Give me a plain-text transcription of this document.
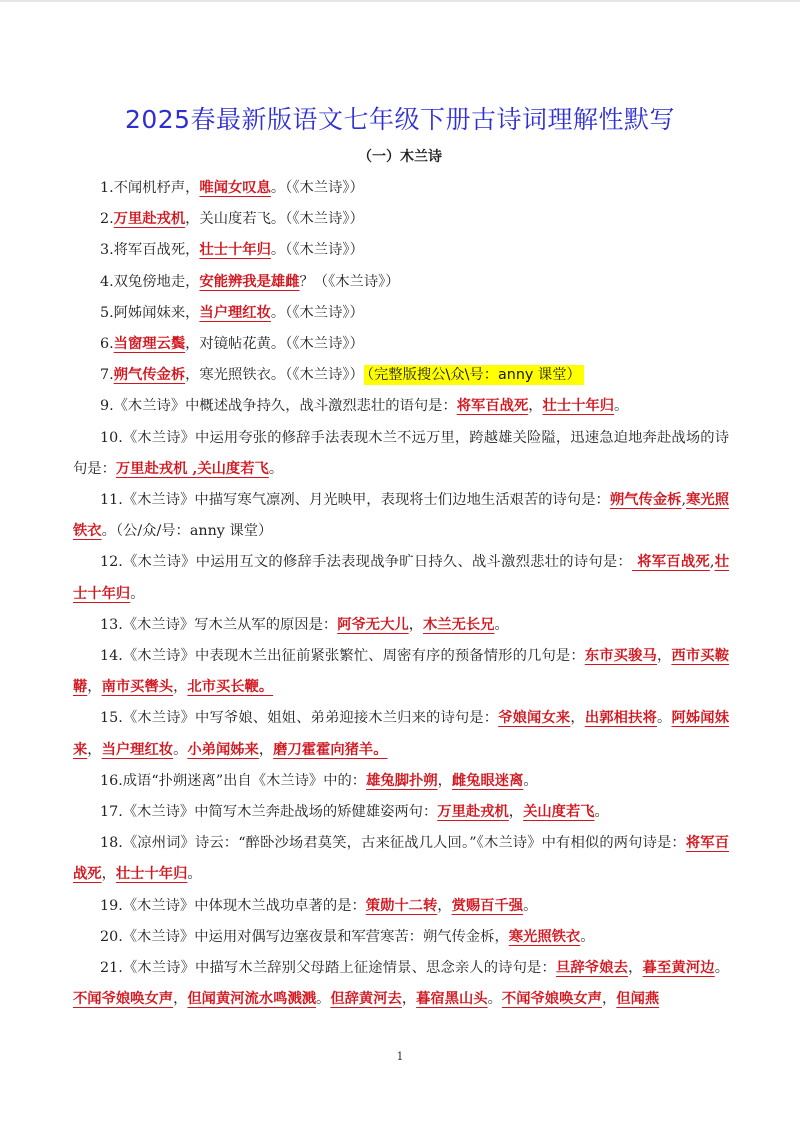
2025春最新版语文七年级下册古诗词理解性默写
（一）木兰诗

1.不闻机杼声，唯闻女叹息。（《木兰诗》）

2.万里赴戎机，关山度若飞。（《木兰诗》）

3.将军百战死，壮士十年归。（《木兰诗》）

4.双兔傍地走，安能辨我是雄雌？（《木兰诗》）

5.阿姊闻妹来，当户理红妆。（《木兰诗》）

6.当窗理云鬓，对镜帖花黄。（《木兰诗》）

7.朔气传金柝，寒光照铁衣。（《木兰诗》） （完整版搜公\众\号：anny 课堂）

9.《木兰诗》中概述战争持久，战斗激烈悲壮的语句是：将军百战死，壮士十年归。

10.《木兰诗》中运用夸张的修辞手法表现木兰不远万里，跨越雄关险隘，迅速急迫地奔赴战场的诗句是：万里赴戎机 ,关山度若飞。

11.《木兰诗》中描写寒气凛冽、月光映甲，表现将士们边地生活艰苦的诗句是：朔气传金柝,寒光照铁衣。（公/众/号：anny 课堂）

12.《木兰诗》中运用互文的修辞手法表现战争旷日持久、战斗激烈悲壮的诗句是： 将军百战死,壮士十年归。

13.《木兰诗》写木兰从军的原因是：阿爷无大儿，木兰无长兄。

14.《木兰诗》中表现木兰出征前紧张繁忙、周密有序的预备情形的几句是：东市买骏马，西市买鞍鞯，南市买辔头，北市买长鞭。

15.《木兰诗》中写爷娘、姐姐、弟弟迎接木兰归来的诗句是：爷娘闻女来，出郭相扶将。阿姊闻妹来，当户理红妆。小弟闻姊来，磨刀霍霍向猪羊。

16.成语“扑朔迷离”出自《木兰诗》中的：雄兔脚扑朔，雌兔眼迷离。

17.《木兰诗》中简写木兰奔赴战场的矫健雄姿两句：万里赴戎机，关山度若飞。

18.《凉州词》诗云：“醉卧沙场君莫笑，古来征战几人回。”《木兰诗》中有相似的两句诗是：将军百战死，壮士十年归。

19.《木兰诗》中体现木兰战功卓著的是：策勋十二转，赏赐百千强。

20.《木兰诗》中运用对偶写边塞夜景和军营寒苦：朔气传金柝，寒光照铁衣。

21.《木兰诗》中描写木兰辞别父母踏上征途情景、思念亲人的诗句是：旦辞爷娘去，暮至黄河边。不闻爷娘唤女声，但闻黄河流水鸣溅溅。但辞黄河去，暮宿黑山头。不闻爷娘唤女声，但闻燕

1
